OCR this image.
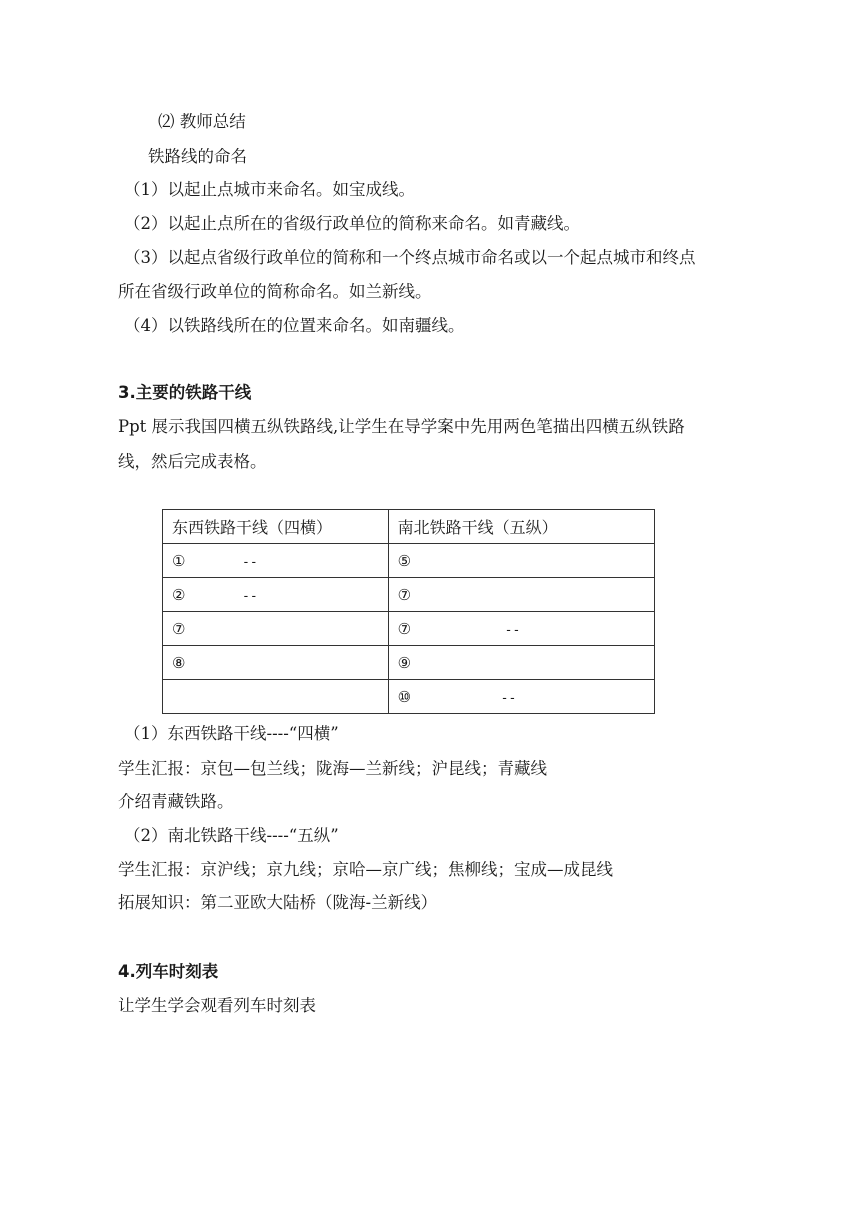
⑵ 教师总结
铁路线的命名
（1）以起止点城市来命名。如宝成线。
（2）以起止点所在的省级行政单位的简称来命名。如青藏线。
（3）以起点省级行政单位的简称和一个终点城市命名或以一个起点城市和终点
所在省级行政单位的简称命名。如兰新线。
（4）以铁路线所在的位置来命名。如南疆线。
3.主要的铁路干线
Ppt 展示我国四横五纵铁路线,让学生在导学案中先用两色笔描出四横五纵铁路
线，然后完成表格。
东西铁路干线（四横）	南北铁路干线（五纵）
① --	⑤
② --	⑦
⑦	⑦ --
⑧	⑨
	⑩ --
（1）东西铁路干线----“四横”
学生汇报：京包—包兰线；陇海—兰新线；沪昆线；青藏线
介绍青藏铁路。
（2）南北铁路干线----“五纵”
学生汇报：京沪线；京九线；京哈—京广线；焦柳线；宝成—成昆线
拓展知识：第二亚欧大陆桥（陇海-兰新线）
4.列车时刻表
让学生学会观看列车时刻表
